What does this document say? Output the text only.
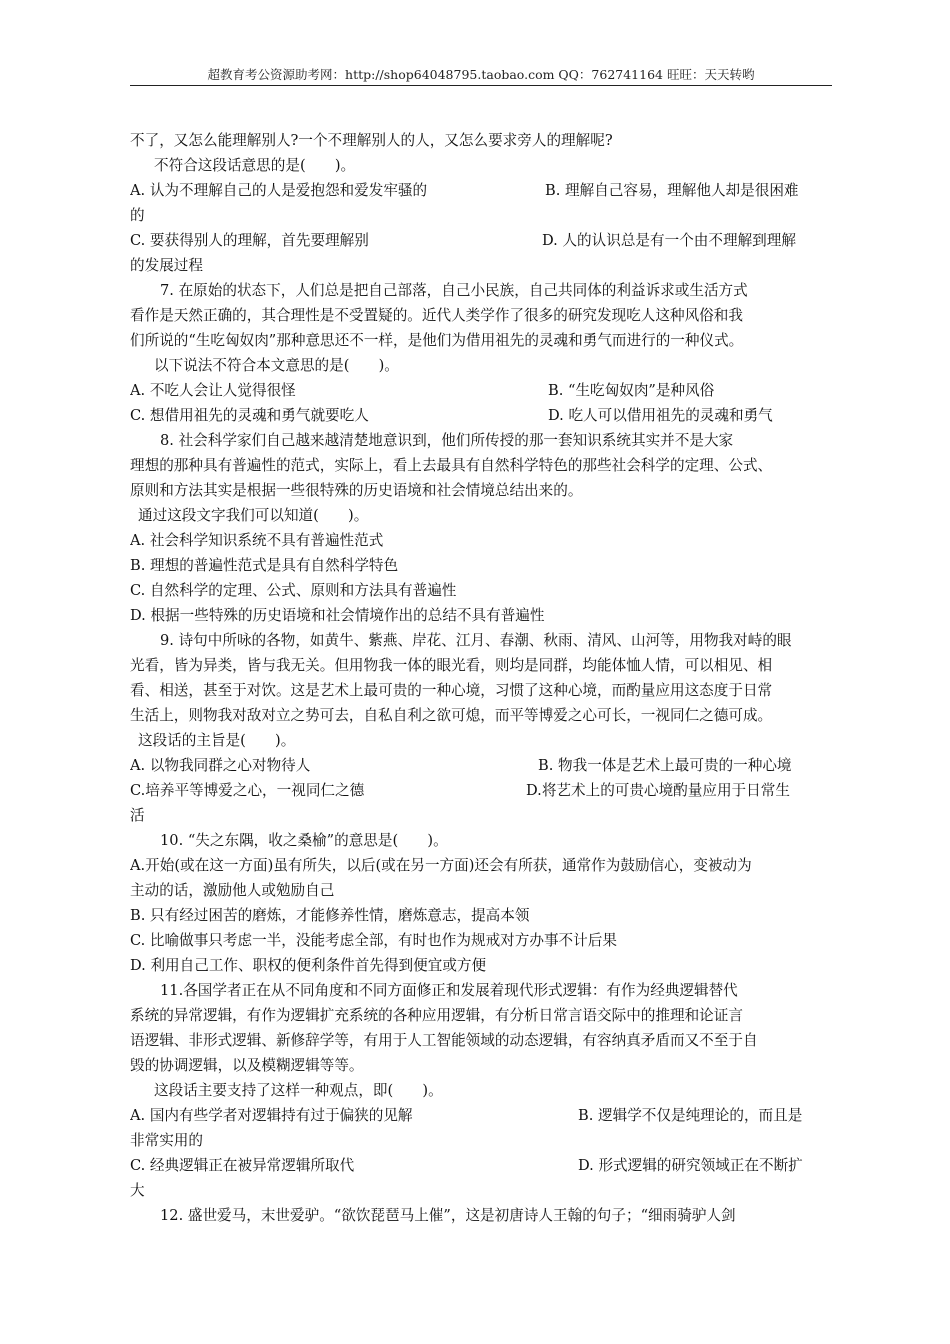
超教育考公资源助考网：http://shop64048795.taobao.com QQ：762741164 旺旺：天天转哟
不了，又怎么能理解别人?一个不理解别人的人，又怎么要求旁人的理解呢?
不符合这段话意思的是(　　)。
A. 认为不理解自己的人是爱抱怨和爱发牢骚的	B. 理解自己容易，理解他人却是很困难
的
C. 要获得别人的理解，首先要理解别	D. 人的认识总是有一个由不理解到理解
的发展过程
7. 在原始的状态下，人们总是把自己部落，自己小民族，自己共同体的利益诉求或生活方式
看作是天然正确的，其合理性是不受置疑的。近代人类学作了很多的研究发现吃人这种风俗和我
们所说的“生吃匈奴肉”那种意思还不一样，是他们为借用祖先的灵魂和勇气而进行的一种仪式。
以下说法不符合本文意思的是(　　)。
A. 不吃人会让人觉得很怪	B. “生吃匈奴肉”是种风俗
C. 想借用祖先的灵魂和勇气就要吃人	D. 吃人可以借用祖先的灵魂和勇气
8. 社会科学家们自己越来越清楚地意识到，他们所传授的那一套知识系统其实并不是大家
理想的那种具有普遍性的范式，实际上，看上去最具有自然科学特色的那些社会科学的定理、公式、
原则和方法其实是根据一些很特殊的历史语境和社会情境总结出来的。
通过这段文字我们可以知道(　　)。
A. 社会科学知识系统不具有普遍性范式
B. 理想的普遍性范式是具有自然科学特色
C. 自然科学的定理、公式、原则和方法具有普遍性
D. 根据一些特殊的历史语境和社会情境作出的总结不具有普遍性
9. 诗句中所咏的各物，如黄牛、紫燕、岸花、江月、春潮、秋雨、清风、山河等，用物我对峙的眼
光看，皆为异类，皆与我无关。但用物我一体的眼光看，则均是同群，均能体恤人情，可以相见、相
看、相送，甚至于对饮。这是艺术上最可贵的一种心境，习惯了这种心境，而酌量应用这态度于日常
生活上，则物我对敌对立之势可去，自私自利之欲可熄，而平等博爱之心可长，一视同仁之德可成。
这段话的主旨是(　　)。
A. 以物我同群之心对物待人	B. 物我一体是艺术上最可贵的一种心境
C.培养平等博爱之心，一视同仁之德	D.将艺术上的可贵心境酌量应用于日常生
活
10. “失之东隅，收之桑榆”的意思是(　　)。
A.开始(或在这一方面)虽有所失，以后(或在另一方面)还会有所获，通常作为鼓励信心，变被动为
主动的话，激励他人或勉励自己
B. 只有经过困苦的磨炼，才能修养性情，磨炼意志，提高本领
C. 比喻做事只考虑一半，没能考虑全部，有时也作为规戒对方办事不计后果
D. 利用自己工作、职权的便利条件首先得到便宜或方便
11.各国学者正在从不同角度和不同方面修正和发展着现代形式逻辑：有作为经典逻辑替代
系统的异常逻辑，有作为逻辑扩充系统的各种应用逻辑，有分析日常言语交际中的推理和论证言
语逻辑、非形式逻辑、新修辞学等，有用于人工智能领域的动态逻辑，有容纳真矛盾而又不至于自
毁的协调逻辑，以及模糊逻辑等等。
这段话主要支持了这样一种观点，即(　　)。
A. 国内有些学者对逻辑持有过于偏狭的见解	B. 逻辑学不仅是纯理论的，而且是
非常实用的
C. 经典逻辑正在被异常逻辑所取代	D. 形式逻辑的研究领域正在不断扩
大
12. 盛世爱马，末世爱驴。“欲饮琵琶马上催”，这是初唐诗人王翰的句子；“细雨骑驴人剑
